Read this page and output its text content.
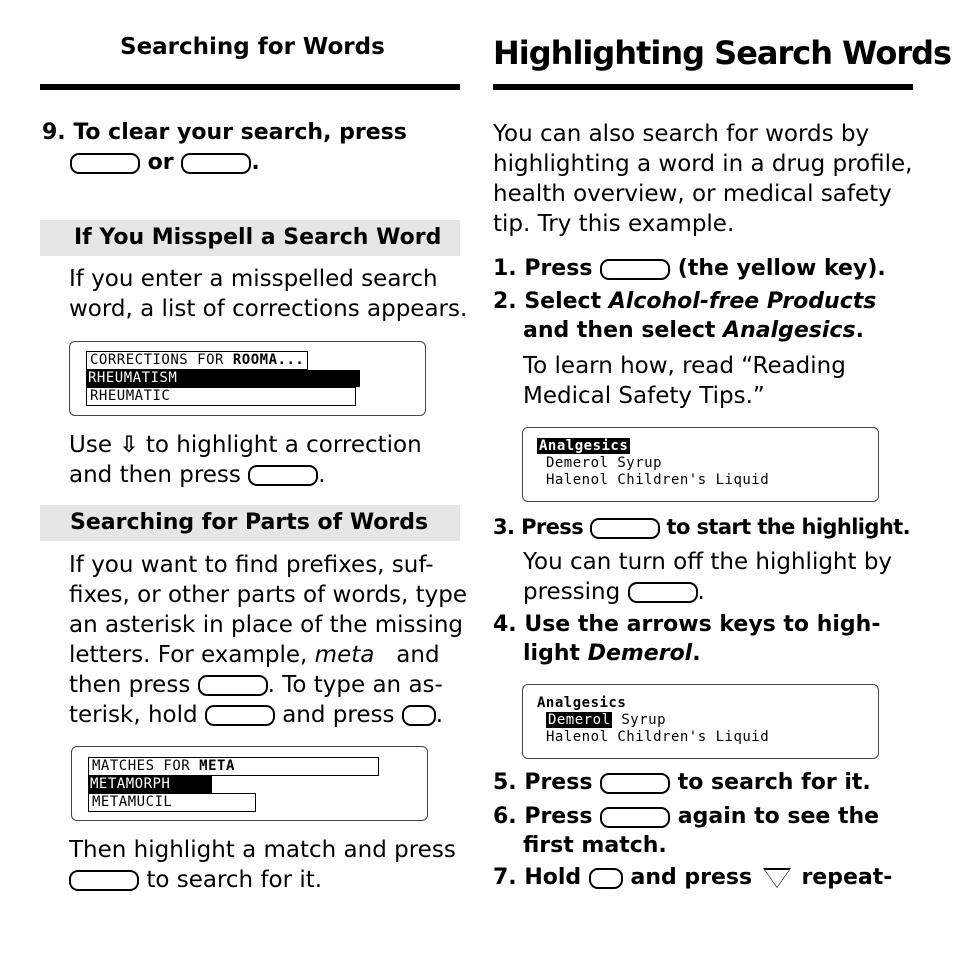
Searching for Words
9. To clear your search, press
or	.
If You Misspell a Search Word
If you enter a misspelled search
word, a list of corrections appears.
CORRECTIONS FOR ROOMA...
RHEUMATISM
RHEUMATIC
Use ⇩ to highlight a correction
and then press	.
Searching for Parts of Words
If you want to find prefixes, suf-
fixes, or other parts of words, type
an asterisk in place of the missing
letters. For example, meta and
then press	. To type an as-
terisk, hold	and press .
MATCHES FOR META
METAMORPH
METAMUCIL
Then highlight a match and press
to search for it.
Highlighting Search Words
You can also search for words by
highlighting a word in a drug profile,
health overview, or medical safety
tip. Try this example.
1. Press	(the yellow key).
2. Select Alcohol-free Products
and then select Analgesics.
To learn how, read “Reading
Medical Safety Tips.”
Analgesics
Demerol Syrup
Halenol Children's Liquid
3. Press	to start the highlight.
You can turn off the highlight by
pressing	.
4. Use the arrows keys to high-
light Demerol.
Analgesics
Demerol Syrup
Halenol Children's Liquid
5. Press	to search for it.
6. Press	again to see the
first match.
7. Hold and press repeat-
